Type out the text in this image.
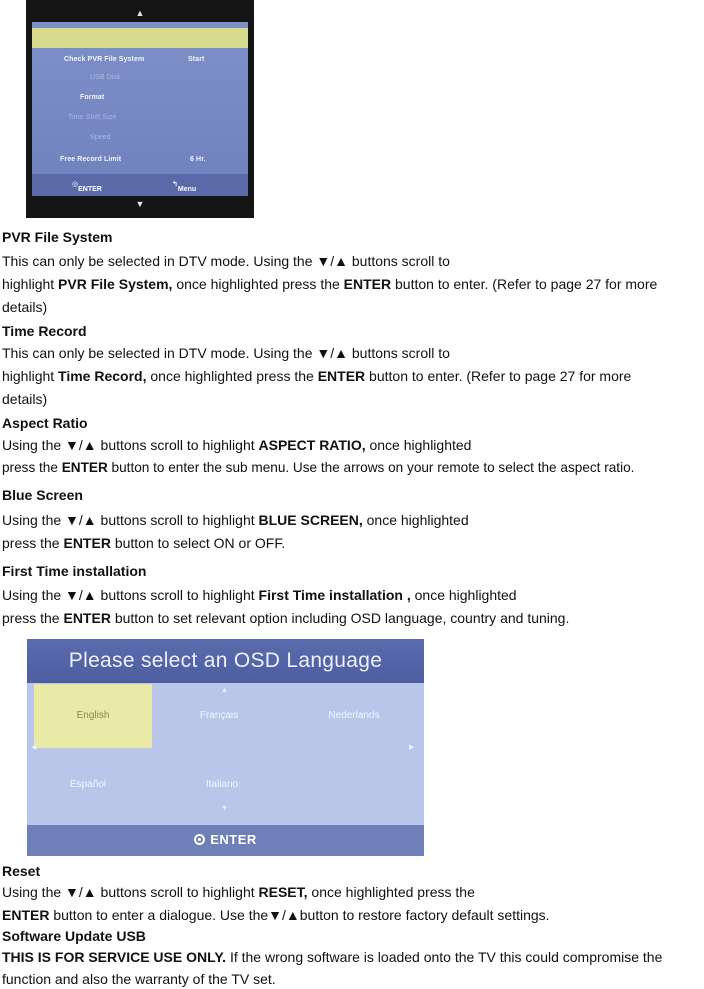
▲
Check PVR File System	Start
USB Disk
Format
Time Shift Size
Speed
Free Record Limit	6 Hr.
◎
ENTER
↰
Menu
▼
PVR File System
This can only be selected in DTV mode. Using the ▼/▲ buttons scroll to
highlight PVR File System, once highlighted press the ENTER button to enter. (Refer to page 27 for more
details)
Time Record
This can only be selected in DTV mode. Using the ▼/▲ buttons scroll to
highlight Time Record, once highlighted press the ENTER button to enter. (Refer to page 27 for more
details)
Aspect Ratio
Using the ▼/▲ buttons scroll to highlight ASPECT RATIO, once highlighted
press the ENTER button to enter the sub menu. Use the arrows on your remote to select the aspect ratio.
Blue Screen
Using the ▼/▲ buttons scroll to highlight BLUE SCREEN, once highlighted
press the ENTER button to select ON or OFF.
First Time installation
Using the ▼/▲ buttons scroll to highlight First Time installation , once highlighted
press the ENTER button to set relevant option including OSD language, country and tuning.
Please select an OSD Language
English	Français	Nederlands
Español	Italiano
▲
▼
◀	▶
ENTER
Reset
Using the ▼/▲ buttons scroll to highlight RESET, once highlighted press the
ENTER button to enter a dialogue. Use the▼/▲button to restore factory default settings.
Software Update USB
THIS IS FOR SERVICE USE ONLY. If the wrong software is loaded onto the TV this could compromise the
function and also the warranty of the TV set.
